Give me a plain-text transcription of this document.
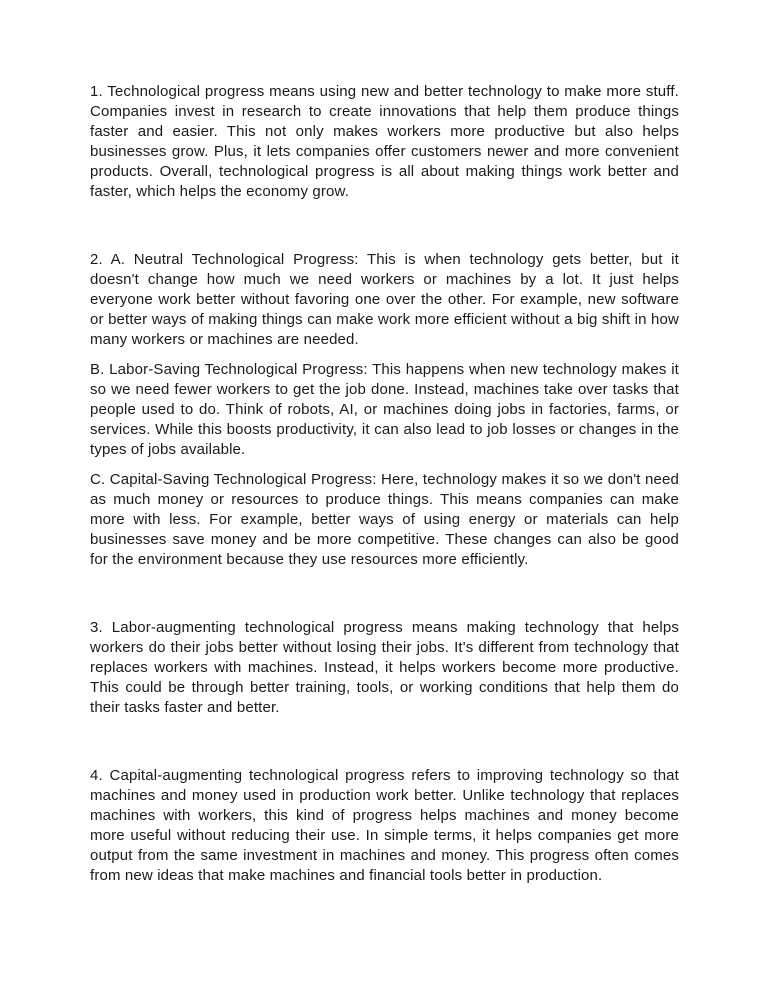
1. Technological progress means using new and better technology to make more stuff. Companies invest in research to create innovations that help them produce things faster and easier. This not only makes workers more productive but also helps businesses grow. Plus, it lets companies offer customers newer and more convenient products. Overall, technological progress is all about making things work better and faster, which helps the economy grow.

2. A. Neutral Technological Progress: This is when technology gets better, but it doesn't change how much we need workers or machines by a lot. It just helps everyone work better without favoring one over the other. For example, new software or better ways of making things can make work more efficient without a big shift in how many workers or machines are needed.

B. Labor-Saving Technological Progress: This happens when new technology makes it so we need fewer workers to get the job done. Instead, machines take over tasks that people used to do. Think of robots, AI, or machines doing jobs in factories, farms, or services. While this boosts productivity, it can also lead to job losses or changes in the types of jobs available.

C. Capital-Saving Technological Progress: Here, technology makes it so we don't need as much money or resources to produce things. This means companies can make more with less. For example, better ways of using energy or materials can help businesses save money and be more competitive. These changes can also be good for the environment because they use resources more efficiently.

3. Labor-augmenting technological progress means making technology that helps workers do their jobs better without losing their jobs. It's different from technology that replaces workers with machines. Instead, it helps workers become more productive. This could be through better training, tools, or working conditions that help them do their tasks faster and better.

4. Capital-augmenting technological progress refers to improving technology so that machines and money used in production work better. Unlike technology that replaces machines with workers, this kind of progress helps machines and money become more useful without reducing their use. In simple terms, it helps companies get more output from the same investment in machines and money. This progress often comes from new ideas that make machines and financial tools better in production.
